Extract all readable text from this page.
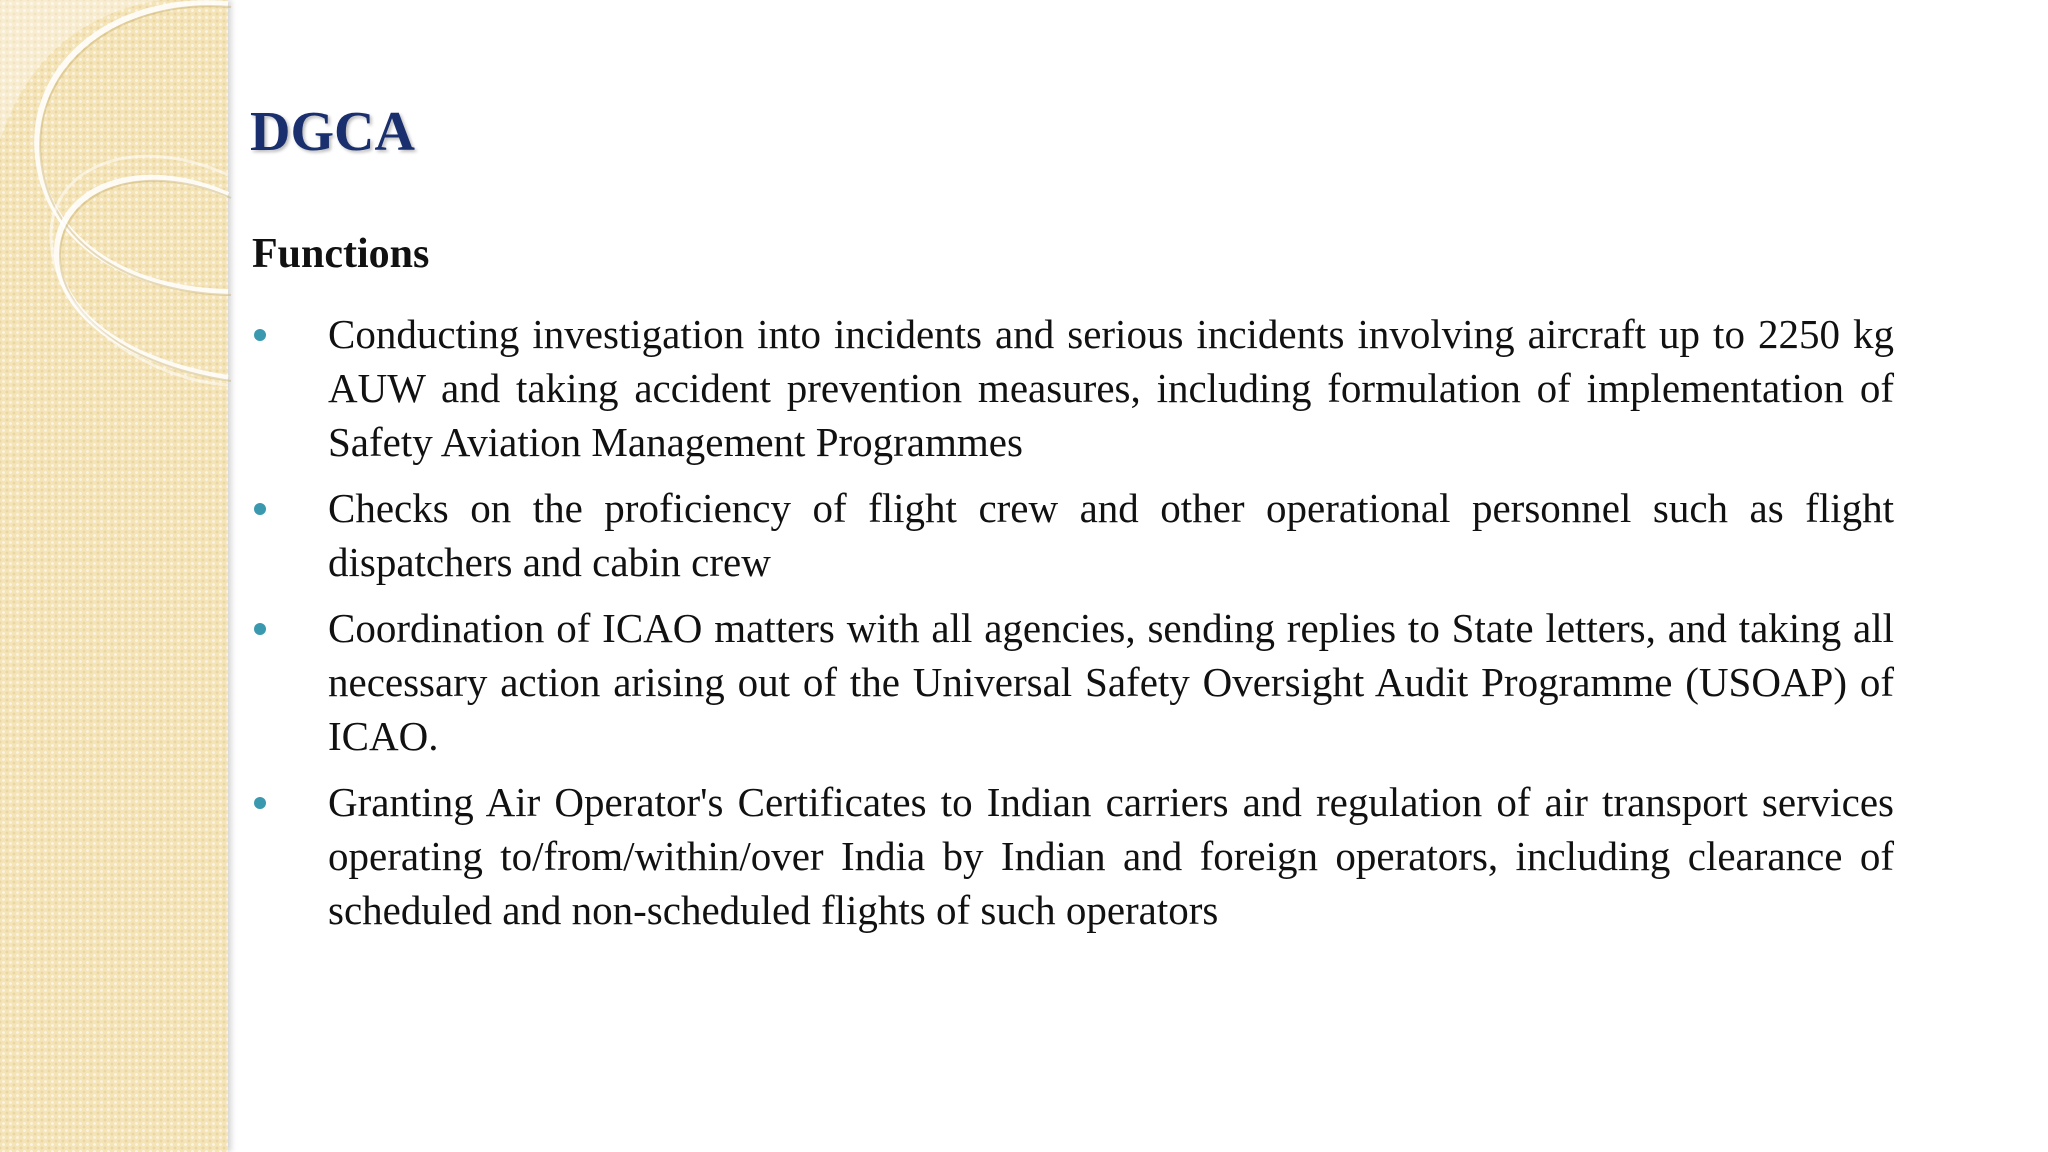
DGCA
Functions
Conducting investigation into incidents and serious incidents involving aircraft up to 2250 kg AUW and taking accident prevention measures, including formulation of implementation of Safety Aviation Management Programmes
Checks on the proficiency of flight crew and other operational personnel such as flight dispatchers and cabin crew
Coordination of ICAO matters with all agencies, sending replies to State letters, and taking all necessary action arising out of the Universal Safety Oversight Audit Programme (USOAP) of ICAO.
Granting Air Operator's Certificates to Indian carriers and regulation of air transport services operating to/from/within/over India by Indian and foreign operators, including clearance of scheduled and non-scheduled flights of such operators
